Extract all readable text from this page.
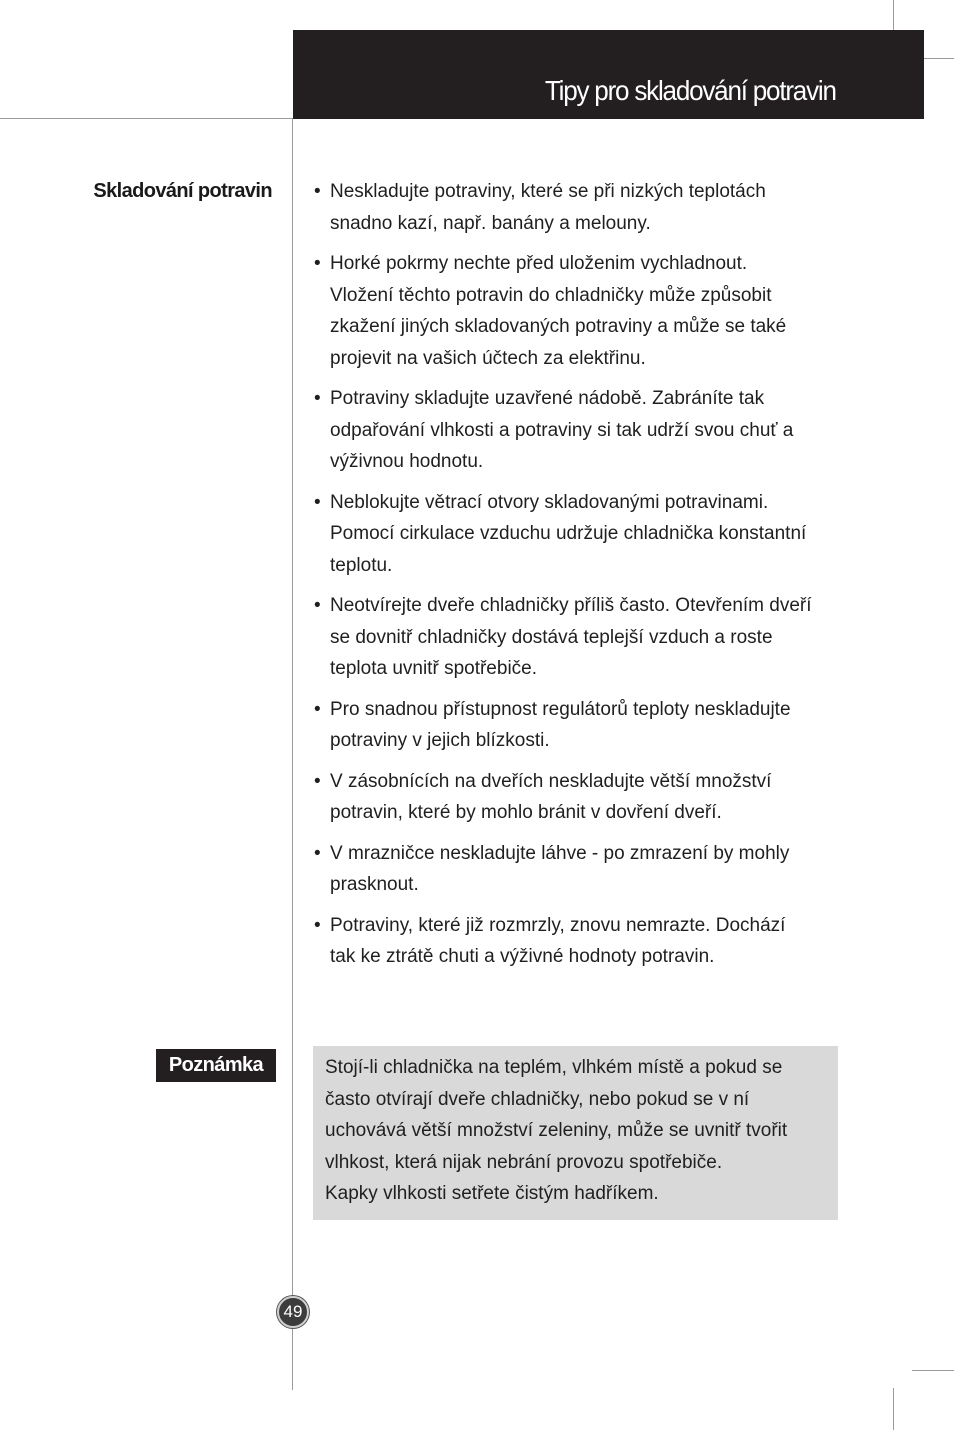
Tipy pro skladování potravin
Skladování potravin • Neskladujte potraviny, které se při nizkých teplotách
snadno kazí, např. banány a melouny.
• Horké pokrmy nechte před uloženim vychladnout.
Vložení těchto potravin do chladničky může způsobit
zkažení jiných skladovaných potraviny a může se také
projevit na vašich účtech za elektřinu.
• Potraviny skladujte uzavřené nádobě. Zabráníte tak
odpařování vlhkosti a potraviny si tak udrží svou chuť a
výživnou hodnotu.
• Neblokujte větrací otvory skladovanými potravinami.
Pomocí cirkulace vzduchu udržuje chladnička konstantní
teplotu.
• Neotvírejte dveře chladničky příliš často. Otevřením dveří
se dovnitř chladničky dostává teplejší vzduch a roste
teplota uvnitř spotřebiče.
• Pro snadnou přístupnost regulátorů teploty neskladujte
potraviny v jejich blízkosti.
• V zásobnících na dveřích neskladujte větší množství
potravin, které by mohlo bránit v dovření dveří.
• V mrazničce neskladujte láhve - po zmrazení by mohly
prasknout.
• Potraviny, které již rozmrzly, znovu nemrazte. Dochází
tak ke ztrátě chuti a výživné hodnoty potravin.
Poznámka	Stojí-li chladnička na teplém, vlhkém místě a pokud se
často otvírají dveře chladničky, nebo pokud se v ní
uchovává větší množství zeleniny, může se uvnitř tvořit
vlhkost, která nijak nebrání provozu spotřebiče.
Kapky vlhkosti setřete čistým hadříkem.
49
